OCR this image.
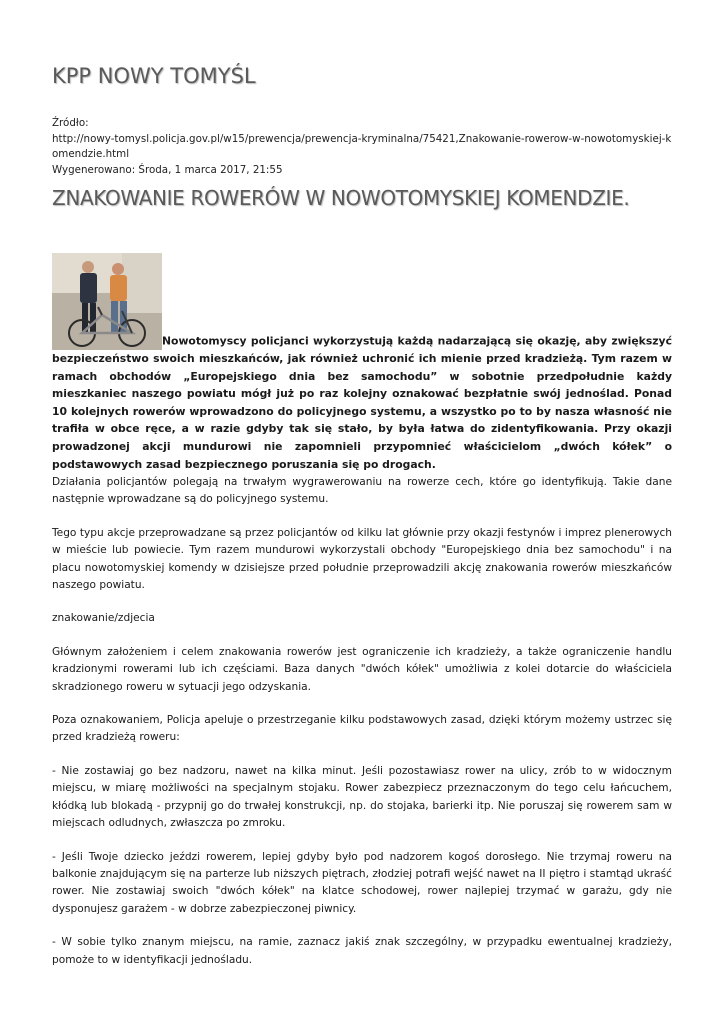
KPP NOWY TOMYŚL
Źródło:
http://nowy-tomysl.policja.gov.pl/w15/prewencja/prewencja-kryminalna/75421,Znakowanie-rowerow-w-nowotomyskiej-komendzie.html
Wygenerowano: Środa, 1 marca 2017, 21:55
ZNAKOWANIE ROWERÓW W NOWOTOMYSKIEJ KOMENDZIE.

Nowotomyscy policjanci wykorzystują każdą nadarzającą się okazję, aby zwiększyć bezpieczeństwo swoich mieszkańców, jak również uchronić ich mienie przed kradzieżą. Tym razem w ramach obchodów „Europejskiego dnia bez samochodu” w sobotnie przedpołudnie każdy mieszkaniec naszego powiatu mógł już po raz kolejny oznakować bezpłatnie swój jednoślad. Ponad 10 kolejnych rowerów wprowadzono do policyjnego systemu, a wszystko po to by nasza własność nie trafiła w obce ręce, a w razie gdyby tak się stało, by była łatwa do zidentyfikowania. Przy okazji prowadzonej akcji mundurowi nie zapomnieli przypomnieć właścicielom „dwóch kółek” o podstawowych zasad bezpiecznego poruszania się po drogach.

Działania policjantów polegają na trwałym wygrawerowaniu na rowerze cech, które go identyfikują. Takie dane następnie wprowadzane są do policyjnego systemu.

Tego typu akcje przeprowadzane są przez policjantów od kilku lat głównie przy okazji festynów i imprez plenerowych w mieście lub powiecie. Tym razem mundurowi wykorzystali obchody "Europejskiego dnia bez samochodu" i na placu nowotomyskiej komendy w dzisiejsze przed południe przeprowadzili akcję znakowania rowerów mieszkańców naszego powiatu.

znakowanie/zdjecia

Głównym założeniem i celem znakowania rowerów jest ograniczenie ich kradzieży, a także ograniczenie handlu kradzionymi rowerami lub ich częściami. Baza danych "dwóch kółek" umożliwia z kolei dotarcie do właściciela skradzionego roweru w sytuacji jego odzyskania.

Poza oznakowaniem, Policja apeluje o przestrzeganie kilku podstawowych zasad, dzięki którym możemy ustrzec się przed kradzieżą roweru:

- Nie zostawiaj go bez nadzoru, nawet na kilka minut. Jeśli pozostawiasz rower na ulicy, zrób to w widocznym miejscu, w miarę możliwości na specjalnym stojaku. Rower zabezpiecz przeznaczonym do tego celu łańcuchem, kłódką lub blokadą - przypnij go do trwałej konstrukcji, np. do stojaka, barierki itp. Nie poruszaj się rowerem sam w miejscach odludnych, zwłaszcza po zmroku.

- Jeśli Twoje dziecko jeździ rowerem, lepiej gdyby było pod nadzorem kogoś dorosłego. Nie trzymaj roweru na balkonie znajdującym się na parterze lub niższych piętrach, złodziej potrafi wejść nawet na II piętro i stamtąd ukraść rower. Nie zostawiaj swoich "dwóch kółek" na klatce schodowej, rower najlepiej trzymać w garażu, gdy nie dysponujesz garażem - w dobrze zabezpieczonej piwnicy.

- W sobie tylko znanym miejscu, na ramie, zaznacz jakiś znak szczególny, w przypadku ewentualnej kradzieży, pomoże to w identyfikacji jednośladu.
